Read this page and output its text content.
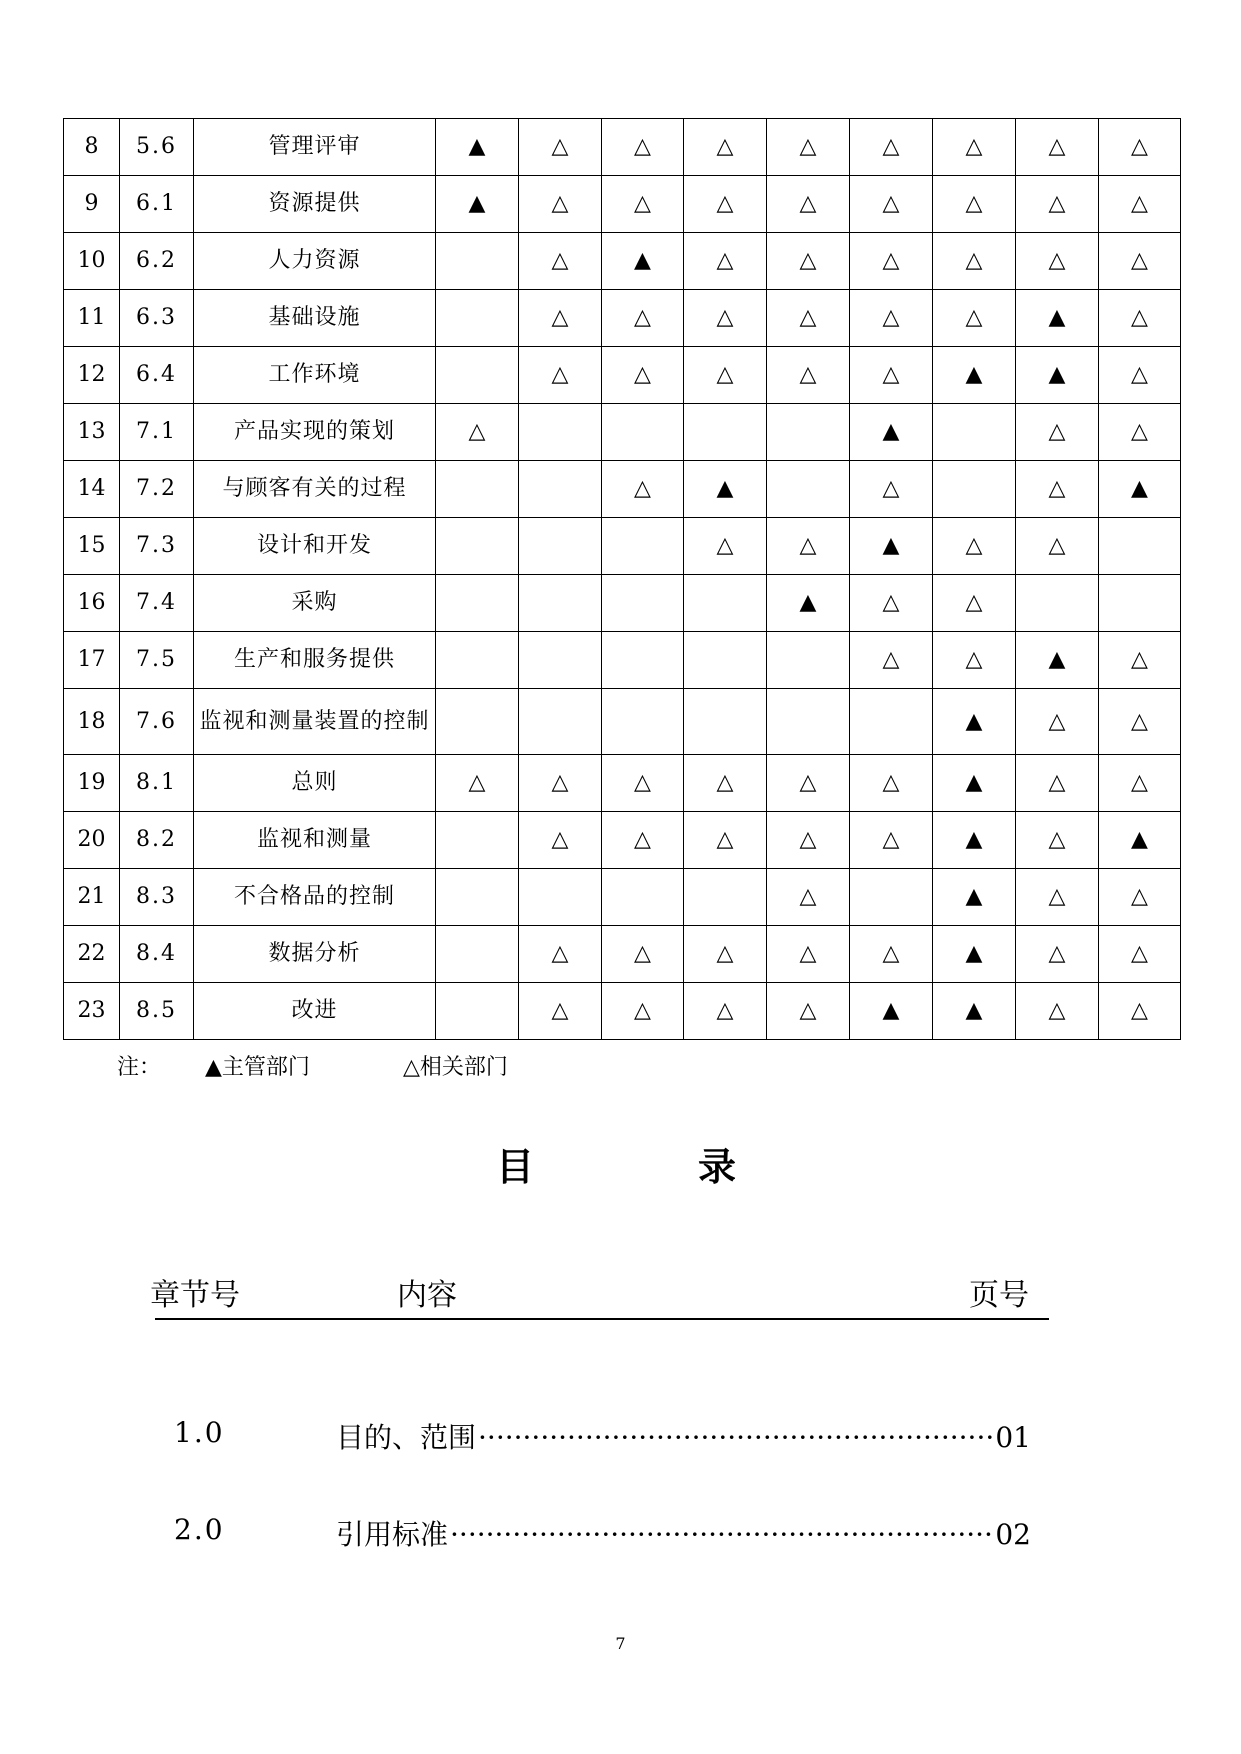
8	5.6	管理评审	▲	△	△	△	△	△	△	△	△
9	6.1	资源提供	▲	△	△	△	△	△	△	△	△
10	6.2	人力资源		△	▲	△	△	△	△	△	△
11	6.3	基础设施		△	△	△	△	△	△	▲	△
12	6.4	工作环境		△	△	△	△	△	▲	▲	△
13	7.1	产品实现的策划	△					▲		△	△
14	7.2	与顾客有关的过程			△	▲		△		△	▲
15	7.3	设计和开发				△	△	▲	△	△	
16	7.4	采购					▲	△	△		
17	7.5	生产和服务提供						△	△	▲	△
18	7.6	监视和测量装置的控制							▲	△	△
19	8.1	总则	△	△	△	△	△	△	▲	△	△
20	8.2	监视和测量		△	△	△	△	△	▲	△	▲
21	8.3	不合格品的控制					△		▲	△	△
22	8.4	数据分析		△	△	△	△	△	▲	△	△
23	8.5	改进		△	△	△	△	▲	▲	△	△
注： ▲主管部门	△相关部门
目	录
章节号	内容	页号
1.0	目的、范围 ·····	01
2.0	引用标准 ·····	02
7
